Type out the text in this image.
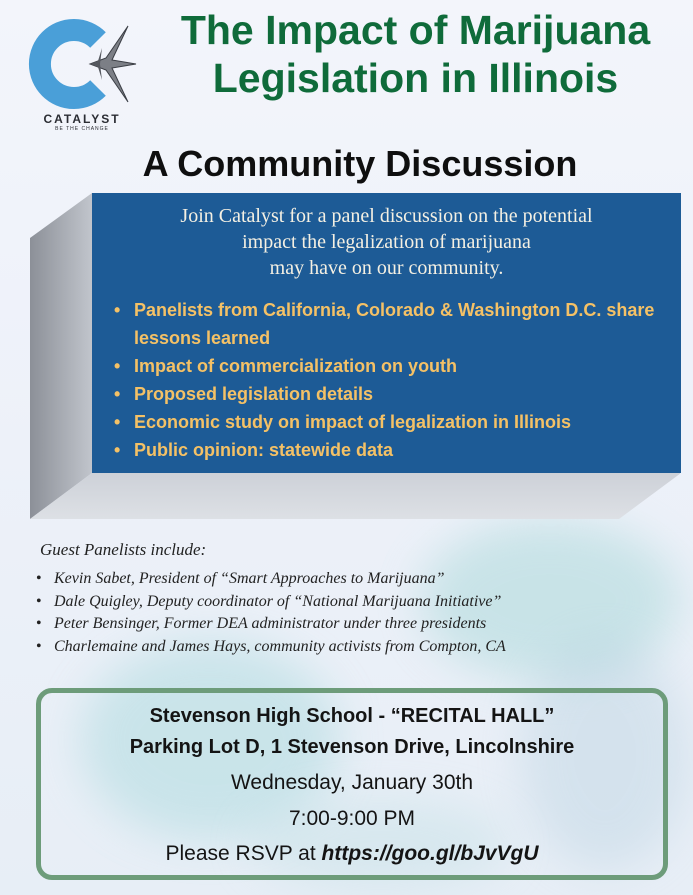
CATALYST
BE THE CHANGE
The Impact of Marijuana
Legislation in Illinois
A Community Discussion

Join Catalyst for a panel discussion on the potential
impact the legalization of marijuana
may have on our community.

• Panelists from California, Colorado & Washington D.C. share lessons learned
• Impact of commercialization on youth
• Proposed legislation details
• Economic study on impact of legalization in Illinois
• Public opinion: statewide data

Guest Panelists include:

• Kevin Sabet, President of “Smart Approaches to Marijuana”
• Dale Quigley, Deputy coordinator of “National Marijuana Initiative”
• Peter Bensinger, Former DEA administrator under three presidents
• Charlemaine and James Hays, community activists from Compton, CA

Stevenson High School - “RECITAL HALL”

Parking Lot D, 1 Stevenson Drive, Lincolnshire

Wednesday, January 30th

7:00-9:00 PM

Please RSVP at https://goo.gl/bJvVgU
